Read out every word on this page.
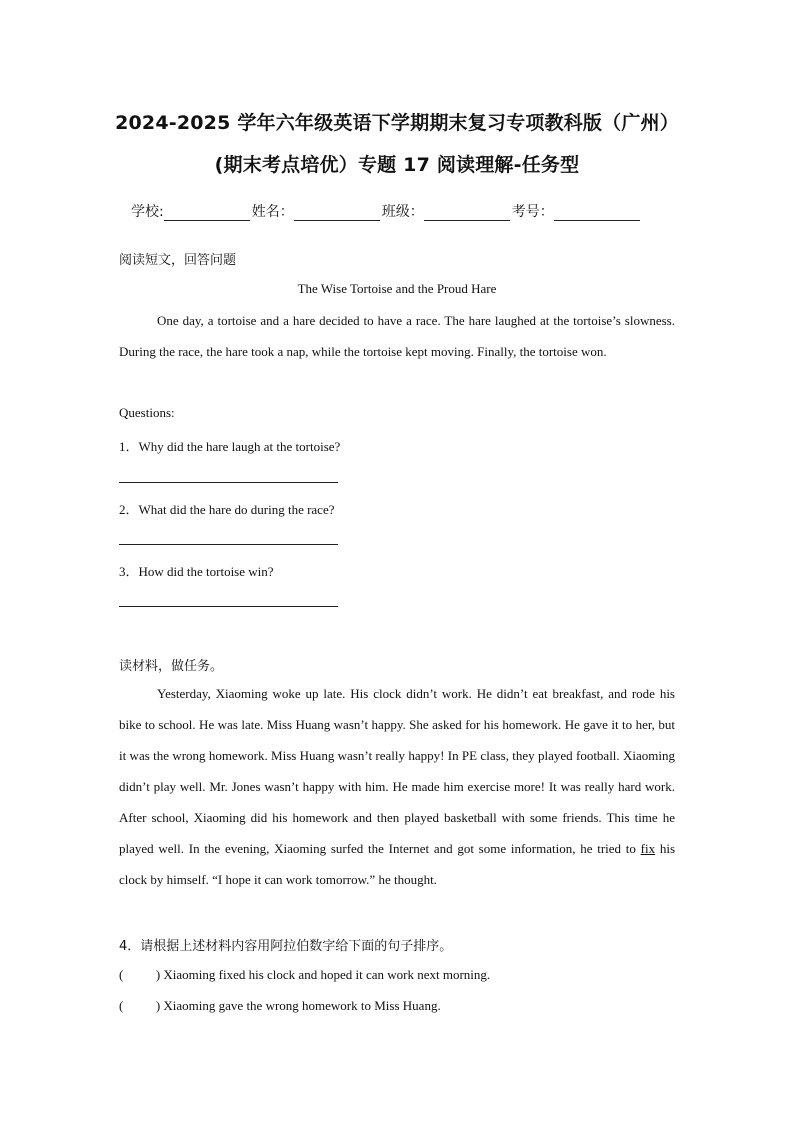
2024-2025 学年六年级英语下学期期末复习专项教科版（广州）
(期末考点培优）专题 17 阅读理解-任务型
学校:	姓名：	班级：	考号：
阅读短文，回答问题
The Wise Tortoise and the Proud Hare
One day, a tortoise and a hare decided to have a race. The hare laughed at the tortoise’s slowness. During the race, the hare took a nap, while the tortoise kept moving. Finally, the tortoise won.
Questions:
1．Why did the hare laugh at the tortoise?
2．What did the hare do during the race?
3．How did the tortoise win?
读材料，做任务。
Yesterday, Xiaoming woke up late. His clock didn’t work. He didn’t eat breakfast, and rode his bike to school. He was late. Miss Huang wasn’t happy. She asked for his homework. He gave it to her, but it was the wrong homework. Miss Huang wasn’t really happy! In PE class, they played football. Xiaoming didn’t play well. Mr. Jones wasn’t happy with him. He made him exercise more! It was really hard work. After school, Xiaoming did his homework and then played basketball with some friends. This time he played well. In the evening, Xiaoming surfed the Internet and got some information, he tried to fix his clock by himself. “I hope it can work tomorrow.” he thought.
4．请根据上述材料内容用阿拉伯数字给下面的句子排序。
(          ) Xiaoming fixed his clock and hoped it can work next morning.
(          ) Xiaoming gave the wrong homework to Miss Huang.
